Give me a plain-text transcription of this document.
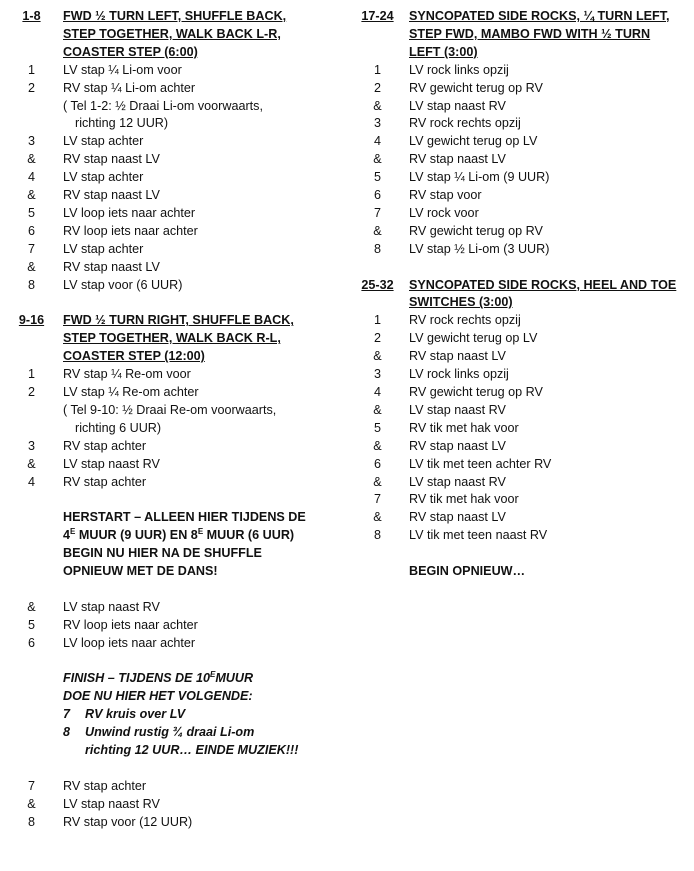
1-8	FWD ½ TURN LEFT, SHUFFLE BACK,
STEP TOGETHER, WALK BACK L-R,
COASTER STEP (6:00)
1	LV stap ¼ Li-om voor
2	RV stap ¼ Li-om achter
( Tel 1-2: ½ Draai Li-om voorwaarts,
richting 12 UUR)
3	LV stap achter
&	RV stap naast LV
4	LV stap achter
&	RV stap naast LV
5	LV loop iets naar achter
6	RV loop iets naar achter
7	LV stap achter
&	RV stap naast LV
8	LV stap voor (6 UUR)
9-16	FWD ½ TURN RIGHT, SHUFFLE BACK,
STEP TOGETHER, WALK BACK R-L,
COASTER STEP (12:00)
1	RV stap ¼ Re-om voor
2	LV stap ¼ Re-om achter
( Tel 9-10: ½ Draai Re-om voorwaarts,
richting 6 UUR)
3	RV stap achter
&	LV stap naast RV
4	RV stap achter
HERSTART – ALLEEN HIER TIJDENS DE
$4^E$ MUUR (9 UUR) EN $8^E$ MUUR (6 UUR)
BEGIN NU HIER NA DE SHUFFLE
OPNIEUW MET DE DANS!
&	LV stap naast RV
5	RV loop iets naar achter
6	LV loop iets naar achter
FINISH – TIJDENS DE $10^EMUUR$
DOE NU HIER HET VOLGENDE:
7	RV kruis over LV
8	Unwind rustig ¾ draai Li-om
richting 12 UUR… EINDE MUZIEK!!!
7	RV stap achter
&	LV stap naast RV
8	RV stap voor (12 UUR)
17-24	SYNCOPATED SIDE ROCKS, ¼ TURN LEFT,
STEP FWD, MAMBO FWD WITH ½ TURN
LEFT (3:00)
1	LV rock links opzij
2	RV gewicht terug op RV
&	LV stap naast RV
3	RV rock rechts opzij
4	LV gewicht terug op LV
&	RV stap naast LV
5	LV stap ¼ Li-om (9 UUR)
6	RV stap voor
7	LV rock voor
&	RV gewicht terug op RV
8	LV stap ½ Li-om (3 UUR)
25-32	SYNCOPATED SIDE ROCKS, HEEL AND TOE
SWITCHES (3:00)
1	RV rock rechts opzij
2	LV gewicht terug op LV
&	RV stap naast LV
3	LV rock links opzij
4	RV gewicht terug op RV
&	LV stap naast RV
5	RV tik met hak voor
&	RV stap naast LV
6	LV tik met teen achter RV
&	LV stap naast RV
7	RV tik met hak voor
&	RV stap naast LV
8	LV tik met teen naast RV
BEGIN OPNIEUW…
